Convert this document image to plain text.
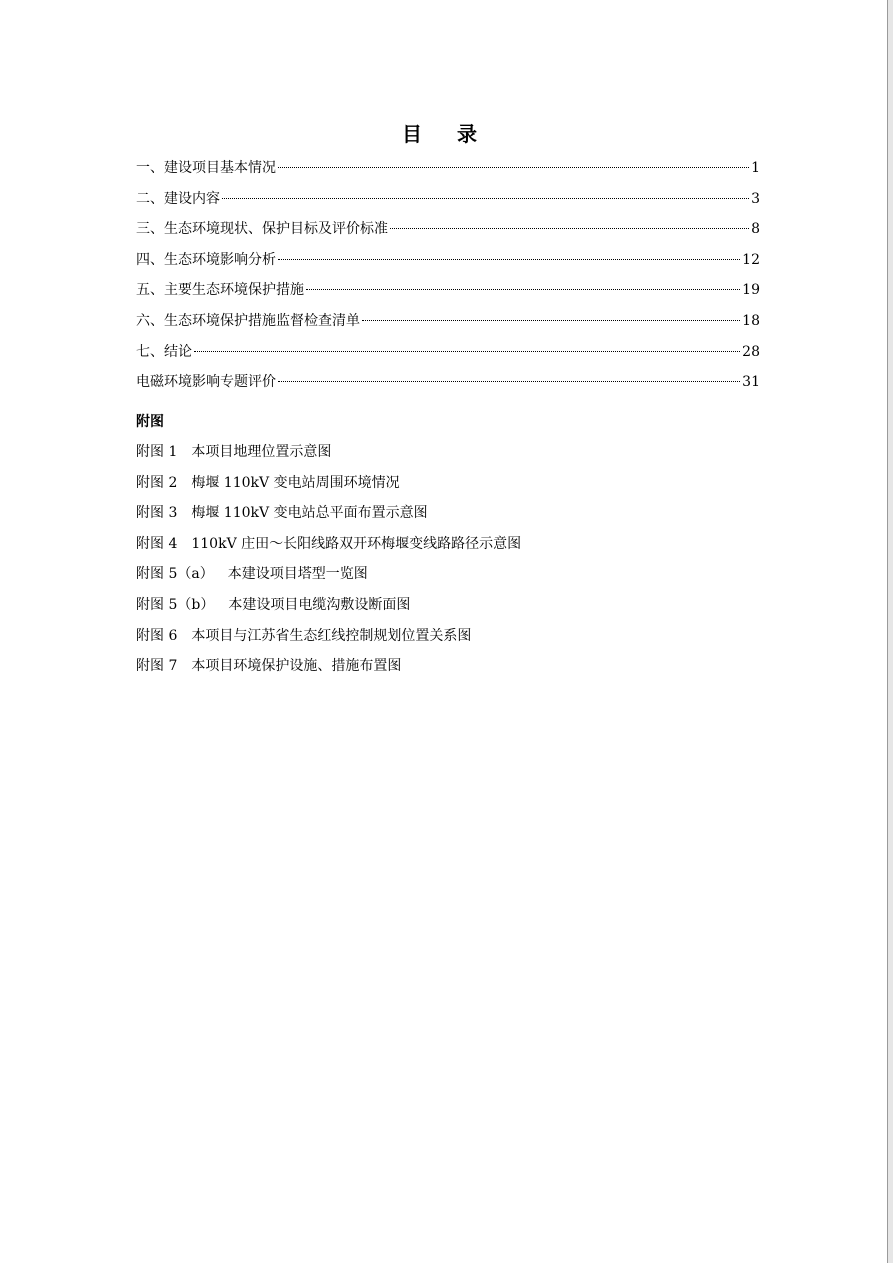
目 录
一、建设项目基本情况	1
二、建设内容	3
三、生态环境现状、保护目标及评价标准	8
四、生态环境影响分析	12
五、主要生态环境保护措施	19
六、生态环境保护措施监督检查清单	18
七、结论	28
电磁环境影响专题评价	31
附图
附图 1 本项目地理位置示意图
附图 2 梅堰 110kV 变电站周围环境情况
附图 3 梅堰 110kV 变电站总平面布置示意图
附图 4 110kV 庄田～长阳线路双开环梅堰变线路路径示意图
附图 5（a） 本建设项目塔型一览图
附图 5（b） 本建设项目电缆沟敷设断面图
附图 6 本项目与江苏省生态红线控制规划位置关系图
附图 7 本项目环境保护设施、措施布置图
